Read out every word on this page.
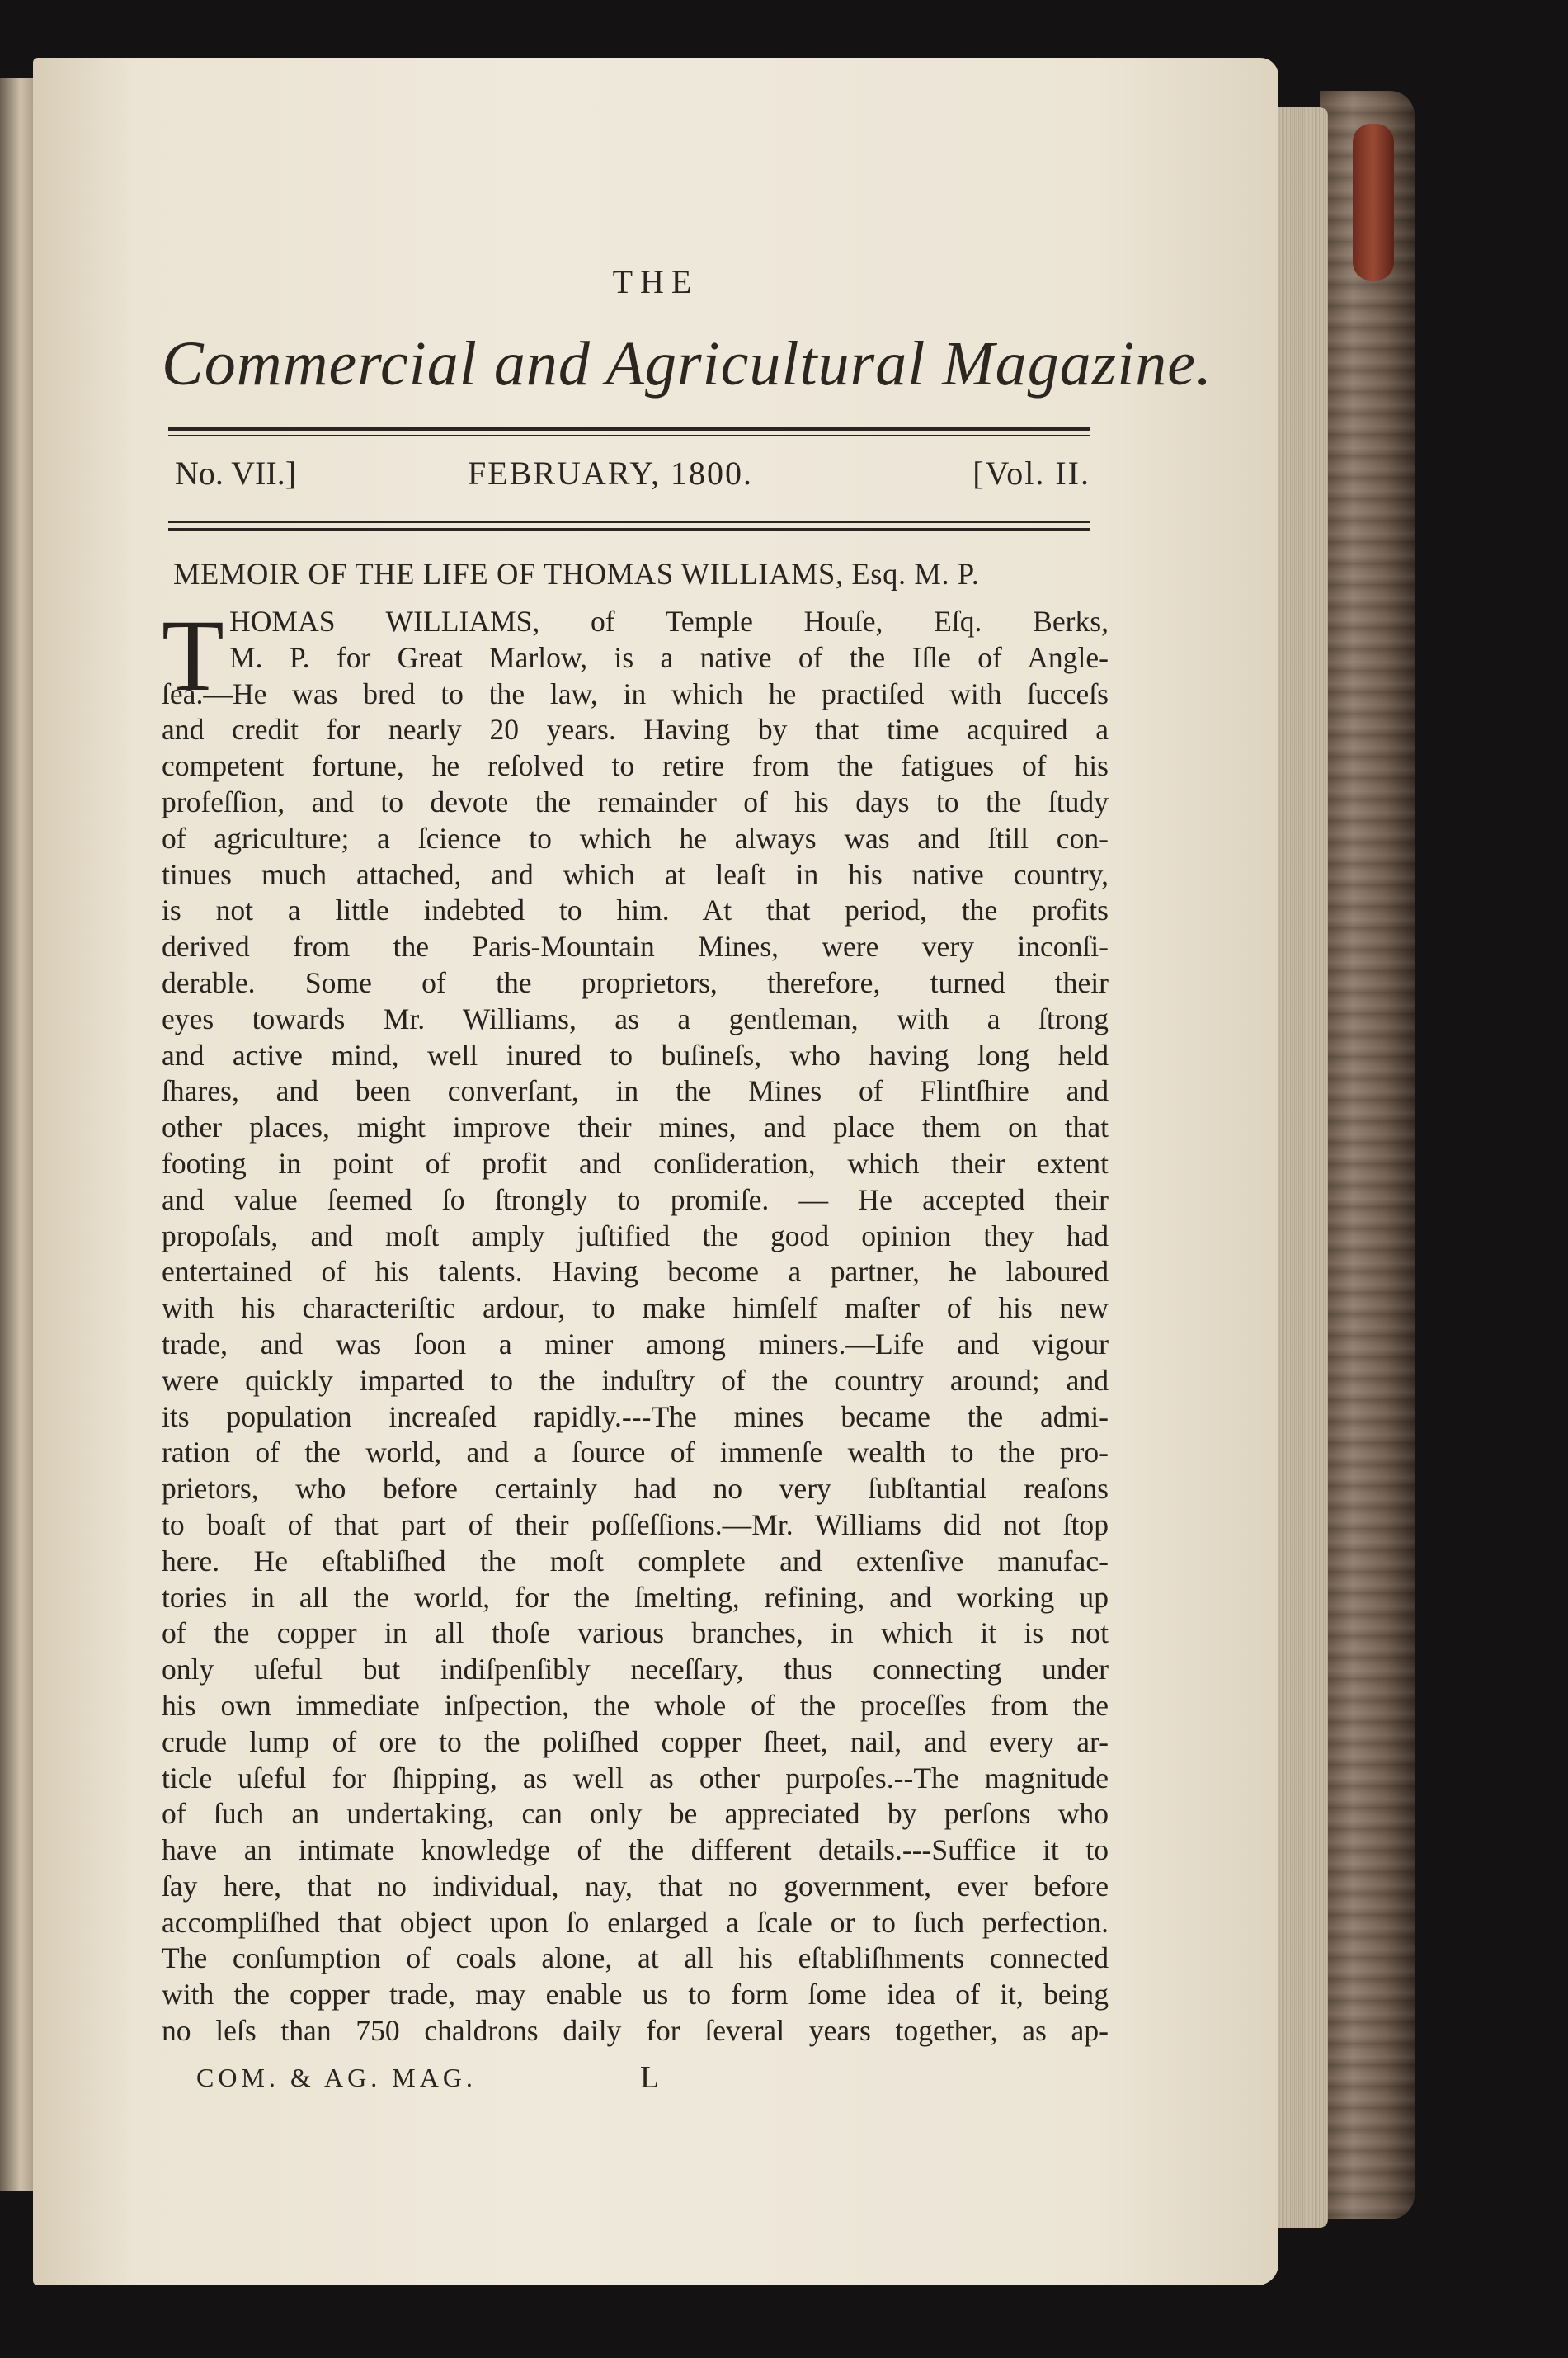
THE
Commercial and Agricultural Magazine.
No. VII.]	FEBRUARY, 1800.	[Vol. II.
MEMOIR OF THE LIFE OF THOMAS WILLIAMS, Esq. M. P.
T HOMAS WILLIAMS, of Temple Houſe, Eſq. Berks,
M. P. for Great Marlow, is a native of the Iſle of Angle-
ſea.—He was bred to the law, in which he practiſed with ſucceſs
and credit for nearly 20 years. Having by that time acquired a
competent fortune, he reſolved to retire from the fatigues of his
profeſſion, and to devote the remainder of his days to the ſtudy
of agriculture; a ſcience to which he always was and ſtill con-
tinues much attached, and which at leaſt in his native country,
is not a little indebted to him. At that period, the profits
derived from the Paris-Mountain Mines, were very inconſi-
derable. Some of the proprietors, therefore, turned their
eyes towards Mr. Williams, as a gentleman, with a ſtrong
and active mind, well inured to buſineſs, who having long held
ſhares, and been converſant, in the Mines of Flintſhire and
other places, might improve their mines, and place them on that
footing in point of profit and conſideration, which their extent
and value ſeemed ſo ſtrongly to promiſe. — He accepted their
propoſals, and moſt amply juſtified the good opinion they had
entertained of his talents. Having become a partner, he laboured
with his characteriſtic ardour, to make himſelf maſter of his new
trade, and was ſoon a miner among miners.—Life and vigour
were quickly imparted to the induſtry of the country around; and
its population increaſed rapidly.---The mines became the admi-
ration of the world, and a ſource of immenſe wealth to the pro-
prietors, who before certainly had no very ſubſtantial reaſons
to boaſt of that part of their poſſeſſions.—Mr. Williams did not ſtop
here. He eſtabliſhed the moſt complete and extenſive manufac-
tories in all the world, for the ſmelting, refining, and working up
of the copper in all thoſe various branches, in which it is not
only uſeful but indiſpenſibly neceſſary, thus connecting under
his own immediate inſpection, the whole of the proceſſes from the
crude lump of ore to the poliſhed copper ſheet, nail, and every ar-
ticle uſeful for ſhipping, as well as other purpoſes.--The magnitude
of ſuch an undertaking, can only be appreciated by perſons who
have an intimate knowledge of the different details.---Suffice it to
ſay here, that no individual, nay, that no government, ever before
accompliſhed that object upon ſo enlarged a ſcale or to ſuch perfection.
The conſumption of coals alone, at all his eſtabliſhments connected
with the copper trade, may enable us to form ſome idea of it, being
no leſs than 750 chaldrons daily for ſeveral years together, as ap-
COM. & AG. MAG.	L
